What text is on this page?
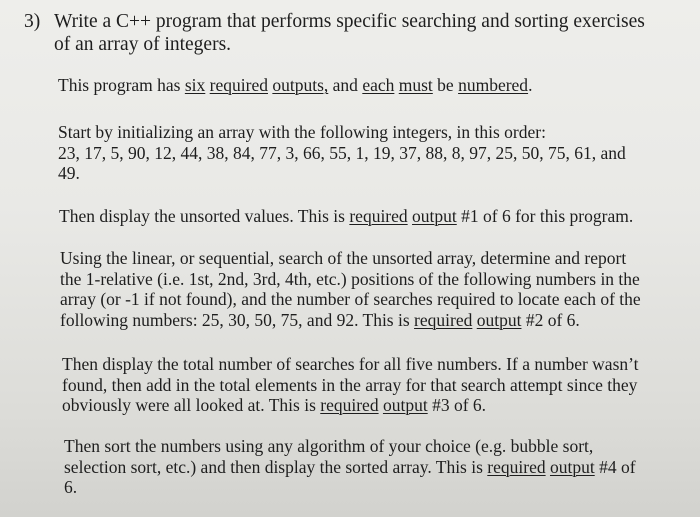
3) Write a C++ program that performs specific searching and sorting exercises
of an array of integers.
This program has six required outputs, and each must be numbered.
Start by initializing an array with the following integers, in this order:
23, 17, 5, 90, 12, 44, 38, 84, 77, 3, 66, 55, 1, 19, 37, 88, 8, 97, 25, 50, 75, 61, and
49.
Then display the unsorted values. This is required output #1 of 6 for this program.
Using the linear, or sequential, search of the unsorted array, determine and report
the 1-relative (i.e. 1st, 2nd, 3rd, 4th, etc.) positions of the following numbers in the
array (or -1 if not found), and the number of searches required to locate each of the
following numbers: 25, 30, 50, 75, and 92. This is required output #2 of 6.
Then display the total number of searches for all five numbers. If a number wasn’t
found, then add in the total elements in the array for that search attempt since they
obviously were all looked at. This is required output #3 of 6.
Then sort the numbers using any algorithm of your choice (e.g. bubble sort,
selection sort, etc.) and then display the sorted array. This is required output #4 of
6.
